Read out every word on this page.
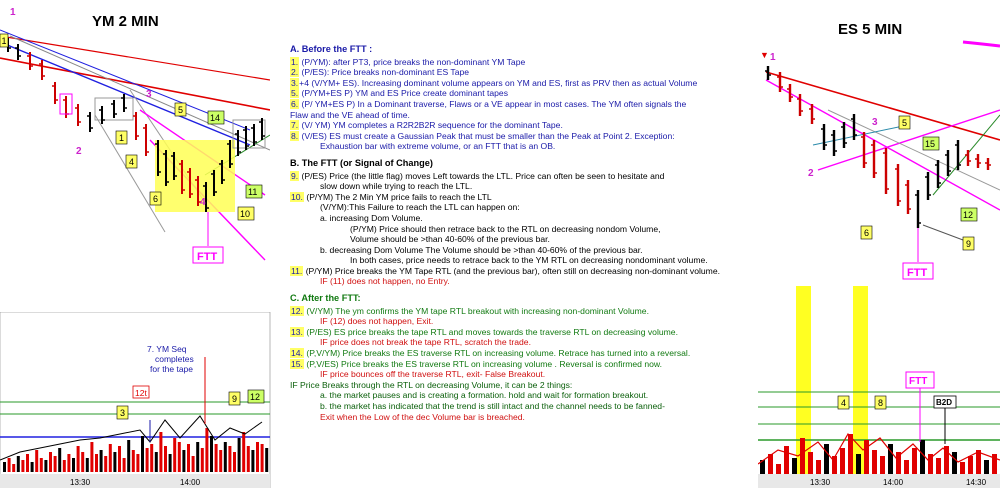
YM 2 MIN
1
2
3
4
1
1
4
5
6
10
11
14
FTT
7. YM Seq
completes
for the tape
12t
3
9 12
13:30	14:00
A. Before the FTT :
1. (P/YM): after PT3, price breaks the non-dominant YM Tape
2. (P/ES): Price breaks non-dominant ES Tape
3.+4 (V/YM+ ES). Increasing dominant volume appears on YM and ES, first as PRV then as actual Volume
5. (P/YM+ES P) YM and ES Price create dominant tapes
6. (P/ YM+ES P) In a Dominant traverse, Flaws or a VE appear in most cases. The YM often signals the
Flaw and the VE ahead of time.
7. (V/ YM) YM completes a R2R2B2R sequence for the dominant Tape.
8. (V/ES) ES must create a Gaussian Peak that must be smaller than the Peak at Point 2. Exception:
Exhaustion bar with extreme volume, or an FTT that is an OB.
B. The FTT (or Signal of Change)
9. (P/ES) Price (the little flag) moves Left towards the LTL. Price can often be seen to hesitate and
slow down while trying to reach the LTL.
10. (P/YM) The 2 Min YM price fails to reach the LTL
(V/YM):This Failure to reach the LTL can happen on:
a. increasing Dom Volume.
(P/YM) Price should then retrace back to the RTL on decreasing nondom Volume,
Volume should be >than 40-60% of the previous bar.
b. decreasing Dom Volume The Volume should be >than 40-60% of the previous bar.
In both cases, price needs to retrace back to the YM RTL on decreasing nondominant volume.
11. (P/YM) Price breaks the YM Tape RTL (and the previous bar), often still on decreasing non-dominant volume.
IF (11) does not happen, no Entry.
C. After the FTT:
12. (V/YM) The ym confirms the YM tape RTL breakout with increasing non-dominant Volume.
IF (12) does not happen, Exit.
13. (P/ES) ES price breaks the tape RTL and moves towards the traverse RTL on decreasing volume.
IF price does not break the tape RTL, scratch the trade.
14. (P,V/YM) Price breaks the ES traverse RTL on increasing volume. Retrace has turned into a reversal.
15. (P,V/ES) Price breaks the ES traverse RTL on increasing volume . Reversal is confirmed now.
IF price bounces off the traverse RTL, exit- False Breakout.
IF Price Breaks through the RTL on decreasing Volume, it can be 2 things:
a. the market pauses and is creating a formation. hold and wait for formation breakout.
b. the market has indicated that the trend is still intact and the channel needs to be fanned-
Exit when the Low of the dec Volume bar is breached.
ES 5 MIN
▼ 1
2
3	5
6
9
12
15
FTT
FTT
4	8	B2D
13:30	14:00	14:30
